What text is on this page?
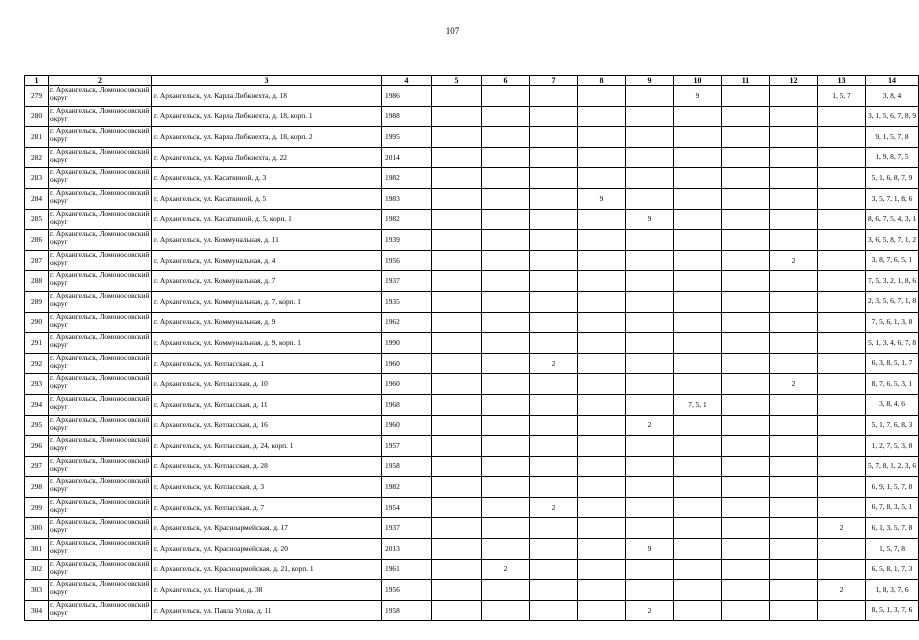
107
1	2	3	4	5	6	7	8	9	10	11	12	13	14
279	г. Архангельск, Ломоносовский округ	г. Архангельск, ул. Карла Либкнехта, д. 18	1986						9			1, 5, 7	3, 8, 4
280	г. Архангельск, Ломоносовский округ	г. Архангельск, ул. Карла Либкнехта, д. 18, корп. 1	1988										3, 1, 5, 6, 7, 8, 9
281	г. Архангельск, Ломоносовский округ	г. Архангельск, ул. Карла Либкнехта, д. 18, корп. 2	1995										9, 1, 5, 7, 8
282	г. Архангельск, Ломоносовский округ	г. Архангельск, ул. Карла Либкнехта, д. 22	2014										1, 9, 8, 7, 5
283	г. Архангельск, Ломоносовский округ	г. Архангельск, ул. Касаткиной, д. 3	1982										5, 1, 6, 8, 7, 9
284	г. Архангельск, Ломоносовский округ	г. Архангельск, ул. Касаткиной, д. 5	1983				9						3, 5, 7, 1, 8, 6
285	г. Архангельск, Ломоносовский округ	г. Архангельск, ул. Касаткиной, д. 5, корп. 1	1982					9					8, 6, 7, 5, 4, 3, 1
286	г. Архангельск, Ломоносовский округ	г. Архангельск, ул. Коммунальная, д. 11	1939										3, 6, 5, 8, 7, 1, 2
287	г. Архангельск, Ломоносовский округ	г. Архангельск, ул. Коммунальная, д. 4	1956								2		3, 8, 7, 6, 5, 1
288	г. Архангельск, Ломоносовский округ	г. Архангельск, ул. Коммунальная, д. 7	1937										7, 5, 3, 2, 1, 8, 6
289	г. Архангельск, Ломоносовский округ	г. Архангельск, ул. Коммунальная, д. 7, корп. 1	1935										2, 3, 5, 6, 7, 1, 8
290	г. Архангельск, Ломоносовский округ	г. Архангельск, ул. Коммунальная, д. 9	1962										7, 5, 6, 1, 3, 8
291	г. Архангельск, Ломоносовский округ	г. Архангельск, ул. Коммунальная, д. 9, корп. 1	1990										5, 1, 3, 4, 6, 7, 8
292	г. Архангельск, Ломоносовский округ	г. Архангельск, ул. Котласская, д. 1	1960			2							6, 3, 8, 5, 1, 7
293	г. Архангельск, Ломоносовский округ	г. Архангельск, ул. Котласская, д. 10	1960								2		8, 7, 6, 5, 3, 1
294	г. Архангельск, Ломоносовский округ	г. Архангельск, ул. Котласская, д. 11	1968						7, 5, 1				3, 8, 4, 6
295	г. Архангельск, Ломоносовский округ	г. Архангельск, ул. Котласская, д. 16	1960					2					5, 1, 7, 6, 8, 3
296	г. Архангельск, Ломоносовский округ	г. Архангельск, ул. Котласская, д. 24, корп. 1	1957										1, 2, 7, 5, 3, 8
297	г. Архангельск, Ломоносовский округ	г. Архангельск, ул. Котласская, д. 28	1958										5, 7, 8, 1, 2, 3, 6
298	г. Архангельск, Ломоносовский округ	г. Архангельск, ул. Котласская, д. 3	1982										6, 9, 1, 5, 7, 8
299	г. Архангельск, Ломоносовский округ	г. Архангельск, ул. Котласская, д. 7	1954			2							6, 7, 8, 3, 5, 1
300	г. Архангельск, Ломоносовский округ	г. Архангельск, ул. Красноармейская, д. 17	1937									2	6, 1, 3, 5, 7, 8
301	г. Архангельск, Ломоносовский округ	г. Архангельск, ул. Красноармейская, д. 20	2013					9					1, 5, 7, 8
302	г. Архангельск, Ломоносовский округ	г. Архангельск, ул. Красноармейская, д. 21, корп. 1	1961		2								6, 5, 8, 1, 7, 3
303	г. Архангельск, Ломоносовский округ	г. Архангельск, ул. Нагорная, д. 38	1956									2	1, 8, 3, 7, 6
304	г. Архангельск, Ломоносовский округ	г. Архангельск, ул. Павла Усова, д. 11	1958					2					8, 5, 1, 3, 7, 6
